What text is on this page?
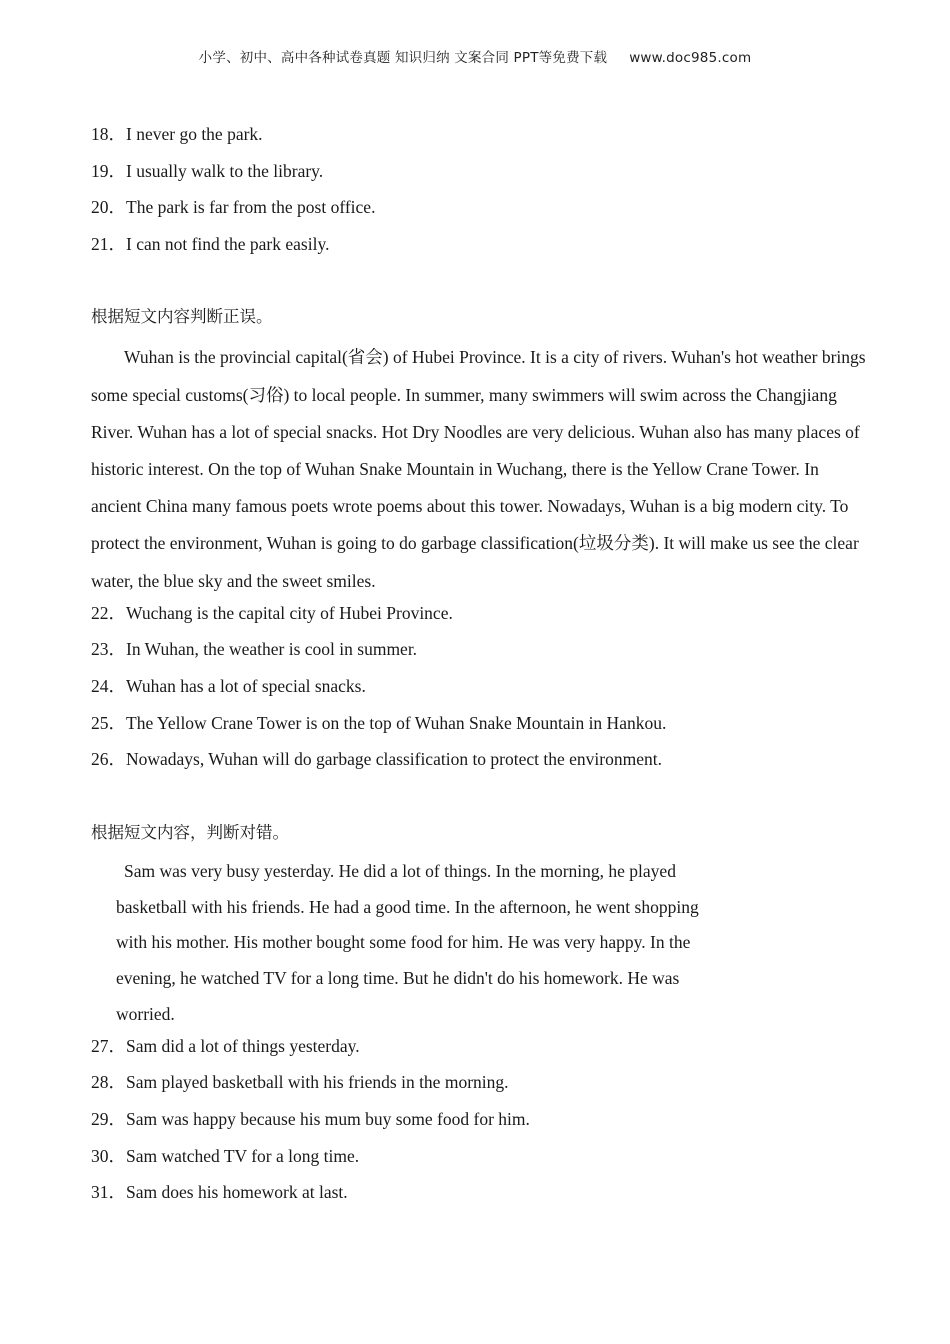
小学、初中、高中各种试卷真题 知识归纳 文案合同 PPT等免费下载 www.doc985.com
18．I never go the park.
19．I usually walk to the library.
20．The park is far from the post office.
21．I can not find the park easily.
根据短文内容判断正误。
Wuhan is the provincial capital(省会) of Hubei Province. It is a city of rivers. Wuhan's hot weather brings some special customs(习俗) to local people. In summer, many swimmers will swim across the Changjiang River. Wuhan has a lot of special snacks. Hot Dry Noodles are very delicious. Wuhan also has many places of historic interest. On the top of Wuhan Snake Mountain in Wuchang, there is the Yellow Crane Tower. In ancient China many famous poets wrote poems about this tower. Nowadays, Wuhan is a big modern city. To protect the environment, Wuhan is going to do garbage classification(垃圾分类). It will make us see the clear water, the blue sky and the sweet smiles.
22．Wuchang is the capital city of Hubei Province.
23．In Wuhan, the weather is cool in summer.
24．Wuhan has a lot of special snacks.
25．The Yellow Crane Tower is on the top of Wuhan Snake Mountain in Hankou.
26．Nowadays, Wuhan will do garbage classification to protect the environment.
根据短文内容，判断对错。
Sam was very busy yesterday. He did a lot of things. In the morning, he played
basketball with his friends. He had a good time. In the afternoon, he went shopping
with his mother. His mother bought some food for him. He was very happy. In the
evening, he watched TV for a long time. But he didn't do his homework. He was
worried.
27．Sam did a lot of things yesterday.
28．Sam played basketball with his friends in the morning.
29．Sam was happy because his mum buy some food for him.
30．Sam watched TV for a long time.
31．Sam does his homework at last.
